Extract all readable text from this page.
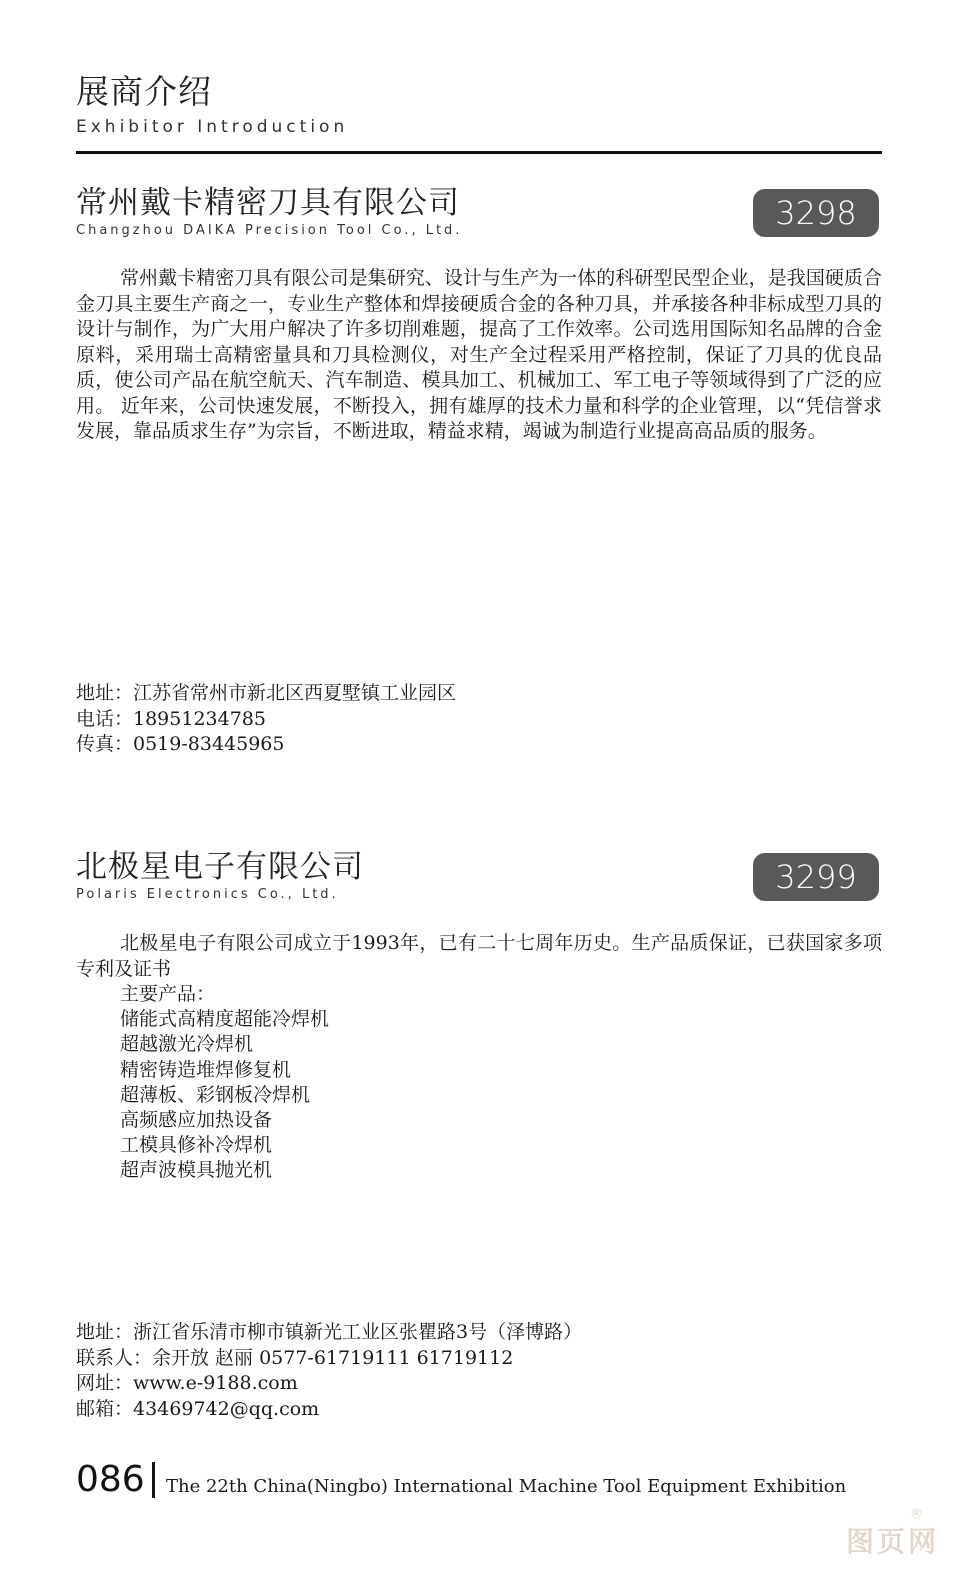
展商介绍
Exhibitor Introduction
常州戴卡精密刀具有限公司
Changzhou DAIKA Precision Tool Co., Ltd.	3298

常州戴卡精密刀具有限公司是集研究、设计与生产为一体的科研型民型企业，是我国硬质合金刀具主要生产商之一，专业生产整体和焊接硬质合金的各种刀具，并承接各种非标成型刀具的设计与制作，为广大用户解决了许多切削难题，提高了工作效率。公司选用国际知名品牌的合金原料，采用瑞士高精密量具和刀具检测仪，对生产全过程采用严格控制，保证了刀具的优良品质，使公司产品在航空航天、汽车制造、模具加工、机械加工、军工电子等领域得到了广泛的应用。 近年来，公司快速发展，不断投入，拥有雄厚的技术力量和科学的企业管理，以“凭信誉求发展，靠品质求生存”为宗旨，不断进取，精益求精，竭诚为制造行业提高高品质的服务。

地址：江苏省常州市新北区西夏墅镇工业园区
电话：18951234785
传真：0519-83445965
北极星电子有限公司
Polaris Electronics Co., Ltd.	3299

北极星电子有限公司成立于1993年，已有二十七周年历史。生产品质保证，已获国家多项专利及证书

主要产品：
储能式高精度超能冷焊机
超越激光冷焊机
精密铸造堆焊修复机
超薄板、彩钢板冷焊机
高频感应加热设备
工模具修补冷焊机
超声波模具抛光机
地址：浙江省乐清市柳市镇新光工业区张瞿路3号（泽博路）
联系人：余开放 赵丽 0577-61719111 61719112
网址：www.e-9188.com
邮箱：43469742@qq.com
086 The 22th China(Ningbo) International Machine Tool Equipment Exhibition
图页网
®
